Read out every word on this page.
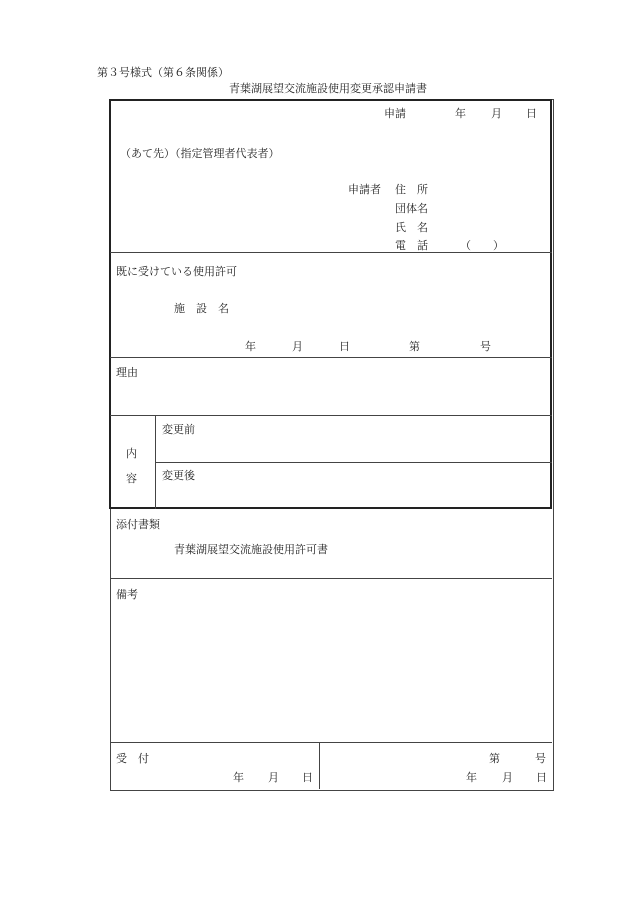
第３号様式（第６条関係）
青葉湖展望交流施設使用変更承認申請書
申請	年 月 日
（あて先）（指定管理者代表者）
申請者 住　所
団体名
氏　名
電　話	（　　）
既に受けている使用許可
施　設　名
年	月	日	第	号
理由
内
容
変更前
変更後
添付書類
青葉湖展望交流施設使用許可書
備考
受　付
年 月 日
第	号
年 月 日
